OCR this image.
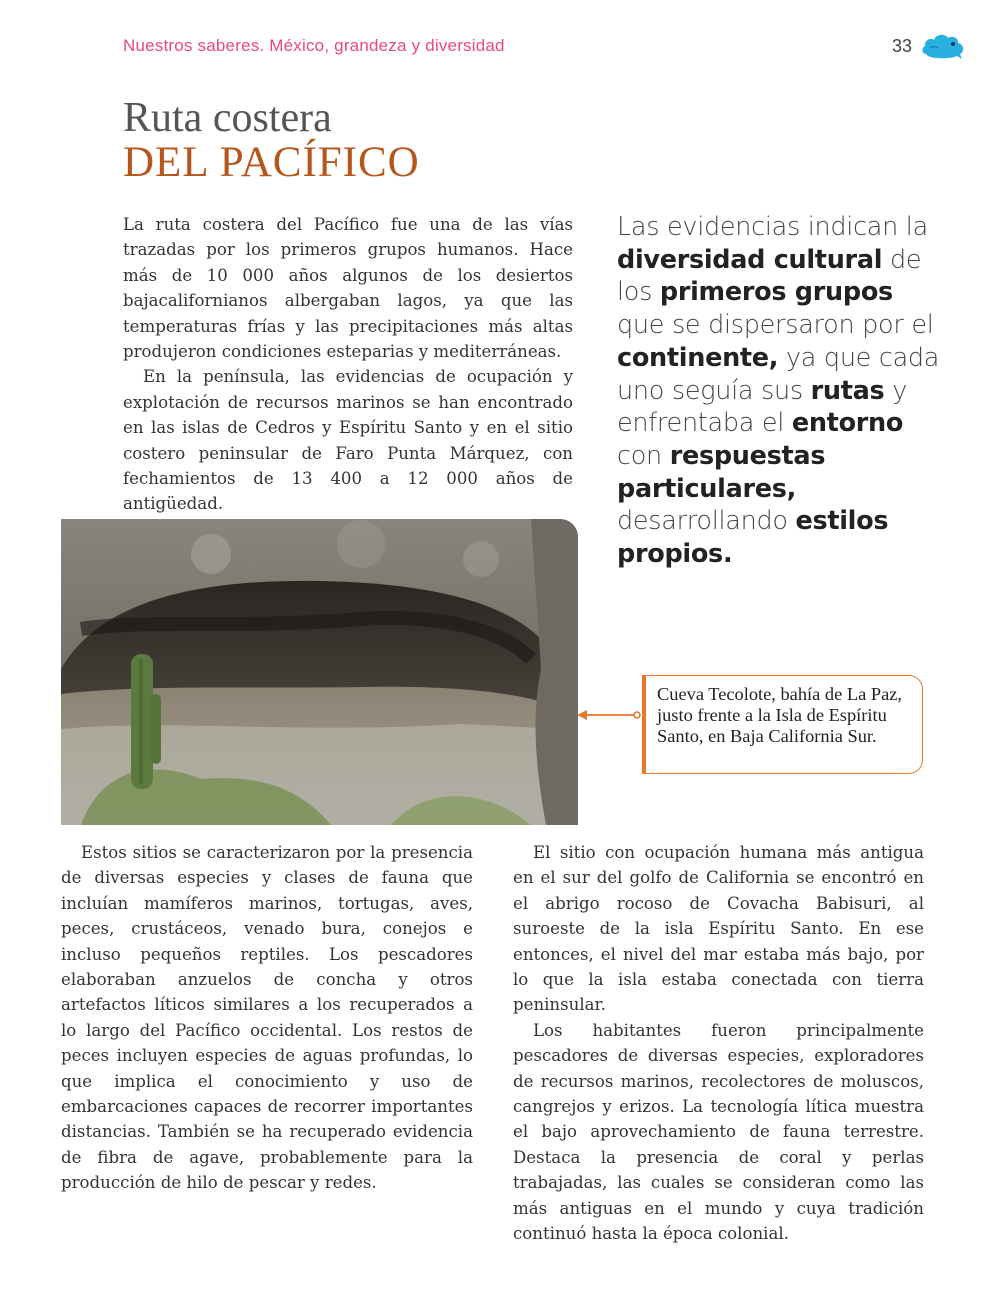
Nuestros saberes. México, grandeza y diversidad	33
Ruta costera
DEL PACÍFICO

La ruta costera del Pacífico fue una de las vías trazadas por los primeros grupos humanos. Hace más de 10 000 años algunos de los desiertos bajacalifornianos albergaban lagos, ya que las temperaturas frías y las precipitaciones más altas produjeron condiciones esteparias y mediterráneas.

En la península, las evidencias de ocupación y explotación de recursos marinos se han encontrado en las islas de Cedros y Espíritu Santo y en el sitio costero peninsular de Faro Punta Márquez, con fechamientos de 13 400 a 12 000 años de antigüedad.

Las evidencias indican la diversidad cultural de los primeros grupos que se dispersaron por el continente, ya que cada uno seguía sus rutas y enfrentaba el entorno con respuestas particulares, desarrollando estilos propios.
Cueva Tecolote, bahía de La Paz, justo frente a la Isla de Espíritu Santo, en Baja California Sur.

Estos sitios se caracterizaron por la presencia de diversas especies y clases de fauna que incluían mamíferos marinos, tortugas, aves, peces, crustáceos, venado bura, conejos e incluso pequeños reptiles. Los pescadores elaboraban anzuelos de concha y otros artefactos líticos similares a los recuperados a lo largo del Pacífico occidental. Los restos de peces incluyen especies de aguas profundas, lo que implica el conocimiento y uso de embarcaciones capaces de recorrer importantes distancias. También se ha recuperado evidencia de fibra de agave, probablemente para la producción de hilo de pescar y redes.

El sitio con ocupación humana más antigua en el sur del golfo de California se encontró en el abrigo rocoso de Covacha Babisuri, al suroeste de la isla Espíritu Santo. En ese entonces, el nivel del mar estaba más bajo, por lo que la isla estaba conectada con tierra peninsular.

Los habitantes fueron principalmente pescadores de diversas especies, exploradores de recursos marinos, recolectores de moluscos, cangrejos y erizos. La tecnología lítica muestra el bajo aprovechamiento de fauna terrestre. Destaca la presencia de coral y perlas trabajadas, las cuales se consideran como las más antiguas en el mundo y cuya tradición continuó hasta la época colonial.
